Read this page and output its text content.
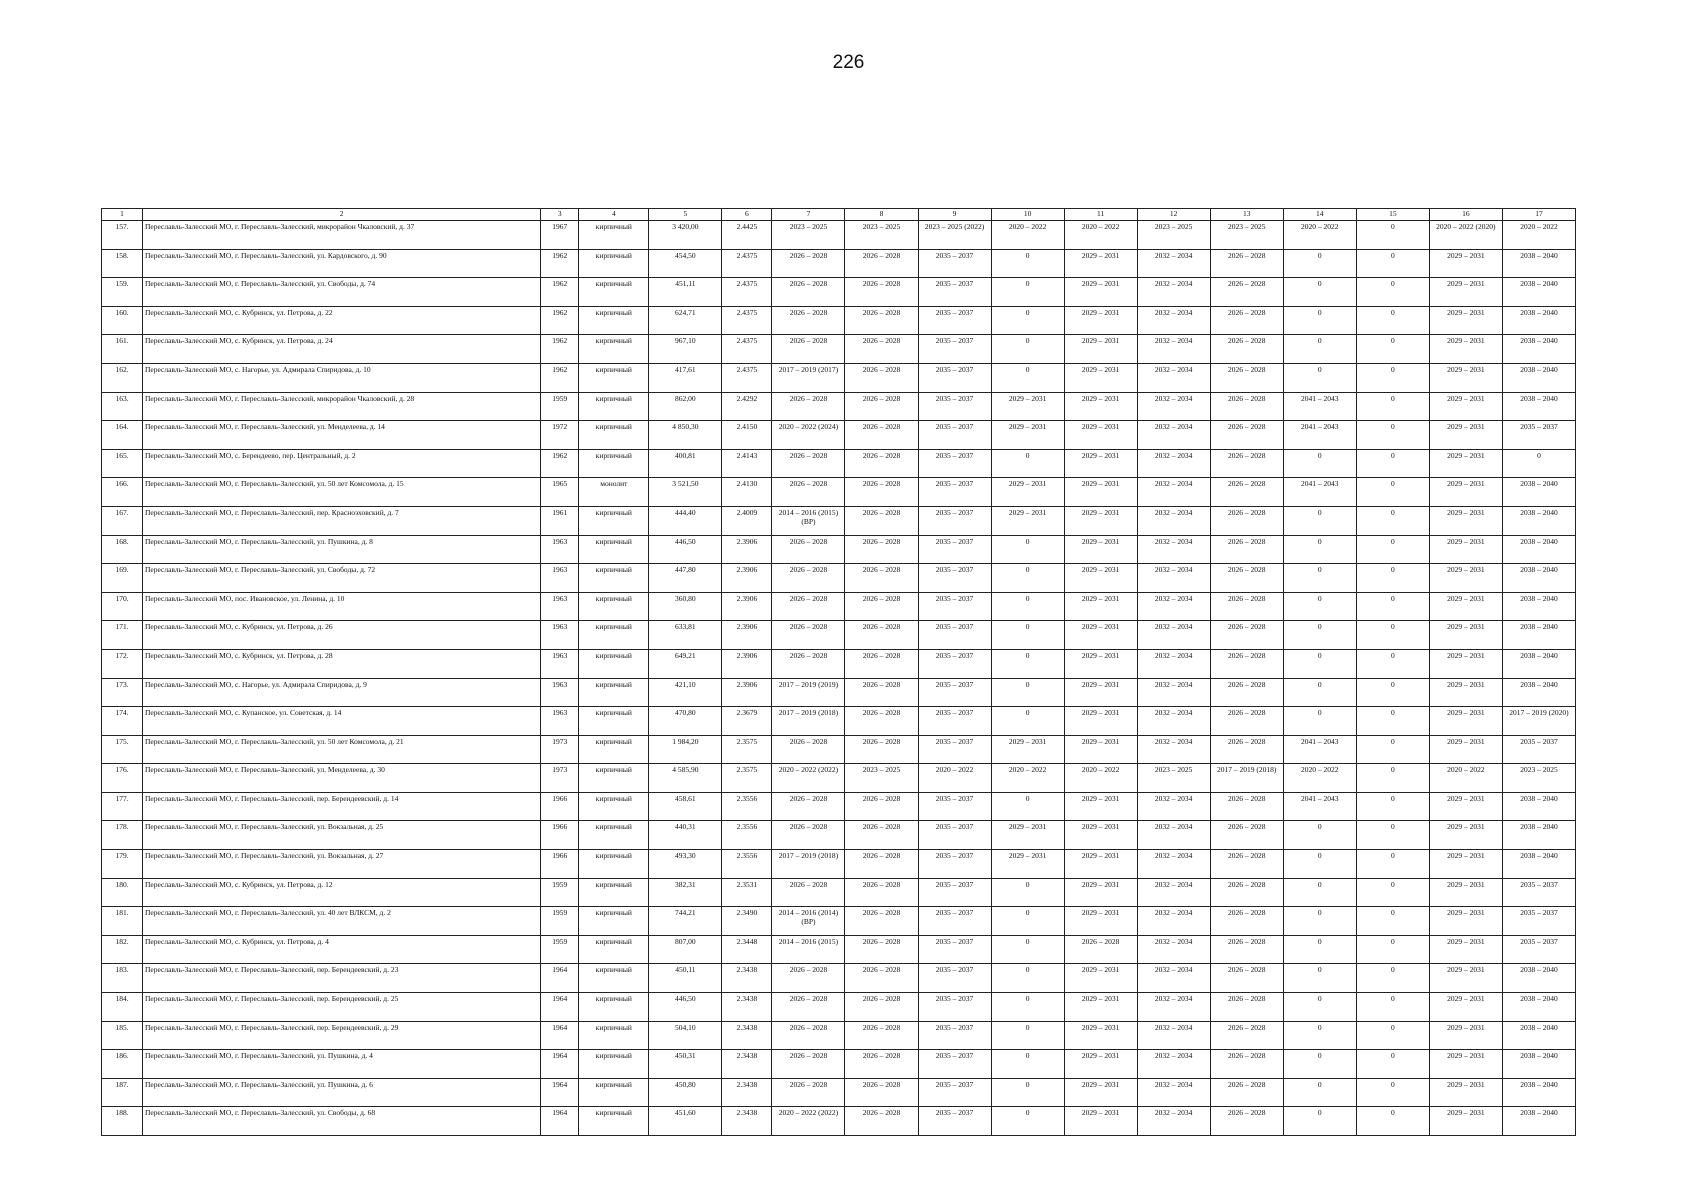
226
1	2	3	4	5	6	7	8	9	10	11	12	13	14	15	16	17
157.	Переславль-Залесский МО, г. Переславль-Залесский, микрорайон Чкаловский, д. 37	1967	кирпичный	3 420,00	2.4425	2023 – 2025	2023 – 2025	2023 – 2025 (2022)	2020 – 2022	2020 – 2022	2023 – 2025	2023 – 2025	2020 – 2022	0	2020 – 2022 (2020)	2020 – 2022
158.	Переславль-Залесский МО, г. Переславль-Залесский, ул. Кардовского, д. 90	1962	кирпичный	454,50	2.4375	2026 – 2028	2026 – 2028	2035 – 2037	0	2029 – 2031	2032 – 2034	2026 – 2028	0	0	2029 – 2031	2038 – 2040
159.	Переславль-Залесский МО, г. Переславль-Залесский, ул. Свободы, д. 74	1962	кирпичный	451,11	2.4375	2026 – 2028	2026 – 2028	2035 – 2037	0	2029 – 2031	2032 – 2034	2026 – 2028	0	0	2029 – 2031	2038 – 2040
160.	Переславль-Залесский МО, с. Кубринск, ул. Петрова, д. 22	1962	кирпичный	624,71	2.4375	2026 – 2028	2026 – 2028	2035 – 2037	0	2029 – 2031	2032 – 2034	2026 – 2028	0	0	2029 – 2031	2038 – 2040
161.	Переславль-Залесский МО, с. Кубринск, ул. Петрова, д. 24	1962	кирпичный	967,10	2.4375	2026 – 2028	2026 – 2028	2035 – 2037	0	2029 – 2031	2032 – 2034	2026 – 2028	0	0	2029 – 2031	2038 – 2040
162.	Переславль-Залесский МО, с. Нагорье, ул. Адмирала Спиридова, д. 10	1962	кирпичный	417,61	2.4375	2017 – 2019 (2017)	2026 – 2028	2035 – 2037	0	2029 – 2031	2032 – 2034	2026 – 2028	0	0	2029 – 2031	2038 – 2040
163.	Переславль-Залесский МО, г. Переславль-Залесский, микрорайон Чкаловский, д. 28	1959	кирпичный	862,00	2.4292	2026 – 2028	2026 – 2028	2035 – 2037	2029 – 2031	2029 – 2031	2032 – 2034	2026 – 2028	2041 – 2043	0	2029 – 2031	2038 – 2040
164.	Переславль-Залесский МО, г. Переславль-Залесский, ул. Менделеева, д. 14	1972	кирпичный	4 850,30	2.4150	2020 – 2022 (2024)	2026 – 2028	2035 – 2037	2029 – 2031	2029 – 2031	2032 – 2034	2026 – 2028	2041 – 2043	0	2029 – 2031	2035 – 2037
165.	Переславль-Залесский МО, с. Берендеево, пер. Центральный, д. 2	1962	кирпичный	400,81	2.4143	2026 – 2028	2026 – 2028	2035 – 2037	0	2029 – 2031	2032 – 2034	2026 – 2028	0	0	2029 – 2031	0
166.	Переславль-Залесский МО, г. Переславль-Залесский, ул. 50 лет Комсомола, д. 15	1965	монолит	3 521,50	2.4130	2026 – 2028	2026 – 2028	2035 – 2037	2029 – 2031	2029 – 2031	2032 – 2034	2026 – 2028	2041 – 2043	0	2029 – 2031	2038 – 2040
167.	Переславль-Залесский МО, г. Переславль-Залесский, пер. Красноэховский, д. 7	1961	кирпичный	444,40	2.4009	2014 – 2016 (2015) (ВР)	2026 – 2028	2035 – 2037	2029 – 2031	2029 – 2031	2032 – 2034	2026 – 2028	0	0	2029 – 2031	2038 – 2040
168.	Переславль-Залесский МО, г. Переславль-Залесский, ул. Пушкина, д. 8	1963	кирпичный	446,50	2.3906	2026 – 2028	2026 – 2028	2035 – 2037	0	2029 – 2031	2032 – 2034	2026 – 2028	0	0	2029 – 2031	2038 – 2040
169.	Переславль-Залесский МО, г. Переславль-Залесский, ул. Свободы, д. 72	1963	кирпичный	447,80	2.3906	2026 – 2028	2026 – 2028	2035 – 2037	0	2029 – 2031	2032 – 2034	2026 – 2028	0	0	2029 – 2031	2038 – 2040
170.	Переславль-Залесский МО, пос. Ивановское, ул. Ленина, д. 10	1963	кирпичный	360,80	2.3906	2026 – 2028	2026 – 2028	2035 – 2037	0	2029 – 2031	2032 – 2034	2026 – 2028	0	0	2029 – 2031	2038 – 2040
171.	Переславль-Залесский МО, с. Кубринск, ул. Петрова, д. 26	1963	кирпичный	633,81	2.3906	2026 – 2028	2026 – 2028	2035 – 2037	0	2029 – 2031	2032 – 2034	2026 – 2028	0	0	2029 – 2031	2038 – 2040
172.	Переславль-Залесский МО, с. Кубринск, ул. Петрова, д. 28	1963	кирпичный	649,21	2.3906	2026 – 2028	2026 – 2028	2035 – 2037	0	2029 – 2031	2032 – 2034	2026 – 2028	0	0	2029 – 2031	2038 – 2040
173.	Переславль-Залесский МО, с. Нагорье, ул. Адмирала Спиридова, д. 9	1963	кирпичный	421,10	2.3906	2017 – 2019 (2019)	2026 – 2028	2035 – 2037	0	2029 – 2031	2032 – 2034	2026 – 2028	0	0	2029 – 2031	2038 – 2040
174.	Переславль-Залесский МО, с. Купанское, ул. Советская, д. 14	1963	кирпичный	470,80	2.3679	2017 – 2019 (2018)	2026 – 2028	2035 – 2037	0	2029 – 2031	2032 – 2034	2026 – 2028	0	0	2029 – 2031	2017 – 2019 (2020)
175.	Переславль-Залесский МО, г. Переславль-Залесский, ул. 50 лет Комсомола, д. 21	1973	кирпичный	1 984,20	2.3575	2026 – 2028	2026 – 2028	2035 – 2037	2029 – 2031	2029 – 2031	2032 – 2034	2026 – 2028	2041 – 2043	0	2029 – 2031	2035 – 2037
176.	Переславль-Залесский МО, г. Переславль-Залесский, ул. Менделеева, д. 30	1973	кирпичный	4 585,90	2.3575	2020 – 2022 (2022)	2023 – 2025	2020 – 2022	2020 – 2022	2020 – 2022	2023 – 2025	2017 – 2019 (2018)	2020 – 2022	0	2020 – 2022	2023 – 2025
177.	Переславль-Залесский МО, г. Переславль-Залесский, пер. Берендеевский, д. 14	1966	кирпичный	458,61	2.3556	2026 – 2028	2026 – 2028	2035 – 2037	0	2029 – 2031	2032 – 2034	2026 – 2028	2041 – 2043	0	2029 – 2031	2038 – 2040
178.	Переславль-Залесский МО, г. Переславль-Залесский, ул. Вокзальная, д. 25	1966	кирпичный	440,31	2.3556	2026 – 2028	2026 – 2028	2035 – 2037	2029 – 2031	2029 – 2031	2032 – 2034	2026 – 2028	0	0	2029 – 2031	2038 – 2040
179.	Переславль-Залесский МО, г. Переславль-Залесский, ул. Вокзальная, д. 27	1966	кирпичный	493,30	2.3556	2017 – 2019 (2018)	2026 – 2028	2035 – 2037	2029 – 2031	2029 – 2031	2032 – 2034	2026 – 2028	0	0	2029 – 2031	2038 – 2040
180.	Переславль-Залесский МО, с. Кубринск, ул. Петрова, д. 12	1959	кирпичный	382,31	2.3531	2026 – 2028	2026 – 2028	2035 – 2037	0	2029 – 2031	2032 – 2034	2026 – 2028	0	0	2029 – 2031	2035 – 2037
181.	Переславль-Залесский МО, г. Переславль-Залесский, ул. 40 лет ВЛКСМ, д. 2	1959	кирпичный	744,21	2.3490	2014 – 2016 (2014) (ВР)	2026 – 2028	2035 – 2037	0	2029 – 2031	2032 – 2034	2026 – 2028	0	0	2029 – 2031	2035 – 2037
182.	Переславль-Залесский МО, с. Кубринск, ул. Петрова, д. 4	1959	кирпичный	807,00	2.3448	2014 – 2016 (2015)	2026 – 2028	2035 – 2037	0	2026 – 2028	2032 – 2034	2026 – 2028	0	0	2029 – 2031	2035 – 2037
183.	Переславль-Залесский МО, г. Переславль-Залесский, пер. Берендеевский, д. 23	1964	кирпичный	450,11	2.3438	2026 – 2028	2026 – 2028	2035 – 2037	0	2029 – 2031	2032 – 2034	2026 – 2028	0	0	2029 – 2031	2038 – 2040
184.	Переславль-Залесский МО, г. Переславль-Залесский, пер. Берендеевский, д. 25	1964	кирпичный	446,50	2.3438	2026 – 2028	2026 – 2028	2035 – 2037	0	2029 – 2031	2032 – 2034	2026 – 2028	0	0	2029 – 2031	2038 – 2040
185.	Переславль-Залесский МО, г. Переславль-Залесский, пер. Берендеевский, д. 29	1964	кирпичный	504,10	2.3438	2026 – 2028	2026 – 2028	2035 – 2037	0	2029 – 2031	2032 – 2034	2026 – 2028	0	0	2029 – 2031	2038 – 2040
186.	Переславль-Залесский МО, г. Переславль-Залесский, ул. Пушкина, д. 4	1964	кирпичный	450,31	2.3438	2026 – 2028	2026 – 2028	2035 – 2037	0	2029 – 2031	2032 – 2034	2026 – 2028	0	0	2029 – 2031	2038 – 2040
187.	Переславль-Залесский МО, г. Переславль-Залесский, ул. Пушкина, д. 6	1964	кирпичный	450,80	2.3438	2026 – 2028	2026 – 2028	2035 – 2037	0	2029 – 2031	2032 – 2034	2026 – 2028	0	0	2029 – 2031	2038 – 2040
188.	Переславль-Залесский МО, г. Переславль-Залесский, ул. Свободы, д. 68	1964	кирпичный	451,60	2.3438	2020 – 2022 (2022)	2026 – 2028	2035 – 2037	0	2029 – 2031	2032 – 2034	2026 – 2028	0	0	2029 – 2031	2038 – 2040
